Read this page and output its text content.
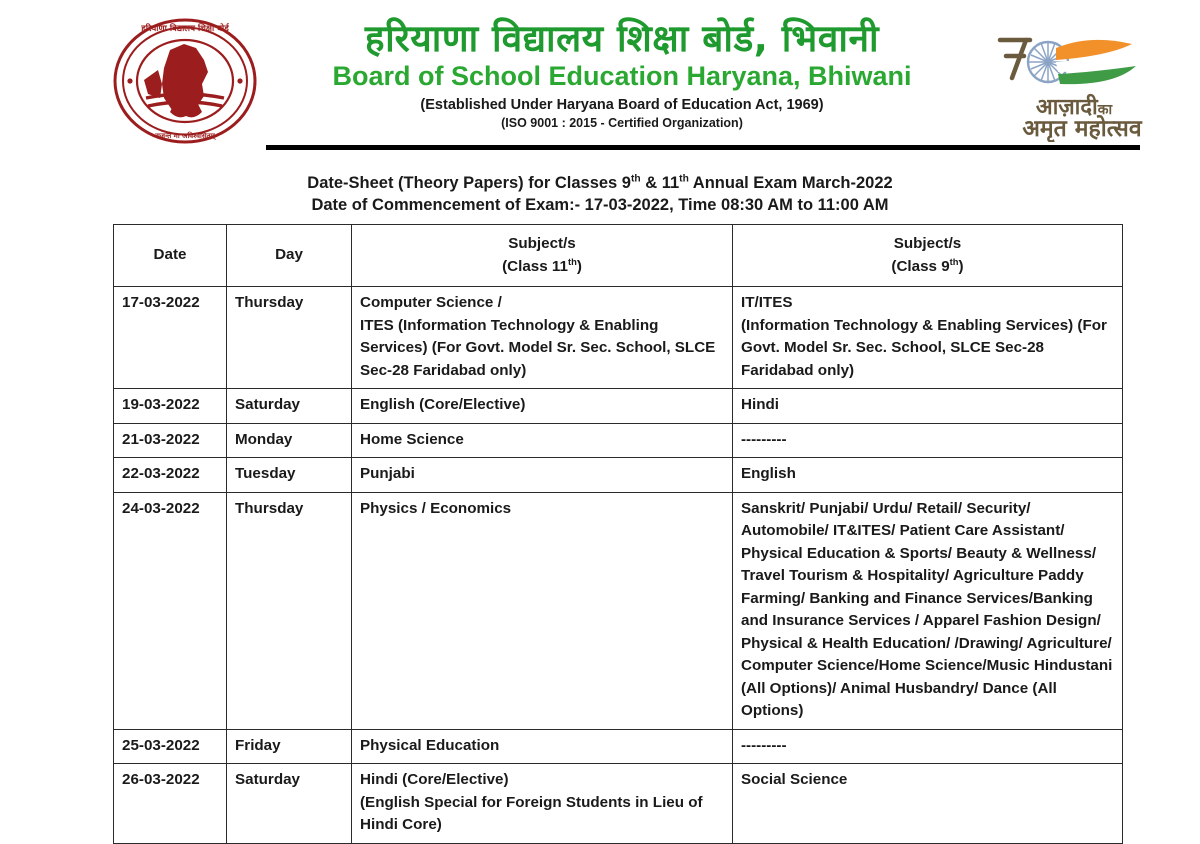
हरियाणा विद्यालय शिक्षा बोर्ड
राजन्ते मा अविश्वसितम्
हरियाणा विद्यालय शिक्षा बोर्ड, भिवानी
Board of School Education Haryana, Bhiwani
(Established Under Haryana Board of Education Act, 1969)
(ISO 9001 : 2015 - Certified Organization)
आज़ादीका
अमृत महोत्सव
Date-Sheet (Theory Papers) for Classes 9th & 11th Annual Exam March-2022
Date of Commencement of Exam:- 17-03-2022, Time 08:30 AM to 11:00 AM
Date	Day	Subject/s
(Class 11th)	Subject/s
(Class 9th)

17-03-2022	Thursday	Computer Science /
ITES (Information Technology & Enabling Services) (For Govt. Model Sr. Sec. School, SLCE Sec-28 Faridabad only)	IT/ITES
(Information Technology & Enabling Services) (For Govt. Model Sr. Sec. School, SLCE Sec-28 Faridabad only)
19-03-2022	Saturday	English (Core/Elective)	Hindi
21-03-2022	Monday	Home Science	---------
22-03-2022	Tuesday	Punjabi	English
24-03-2022	Thursday	Physics / Economics	Sanskrit/ Punjabi/ Urdu/ Retail/ Security/ Automobile/ IT&ITES/ Patient Care Assistant/ Physical Education & Sports/ Beauty & Wellness/ Travel Tourism & Hospitality/ Agriculture Paddy Farming/ Banking and Finance Services/Banking and Insurance Services / Apparel Fashion Design/ Physical & Health Education/ /Drawing/ Agriculture/ Computer Science/Home Science/Music Hindustani (All Options)/ Animal Husbandry/ Dance (All Options)
25-03-2022	Friday	Physical Education	---------
26-03-2022	Saturday	Hindi (Core/Elective)
(English Special for Foreign Students in Lieu of Hindi Core)	Social Science
